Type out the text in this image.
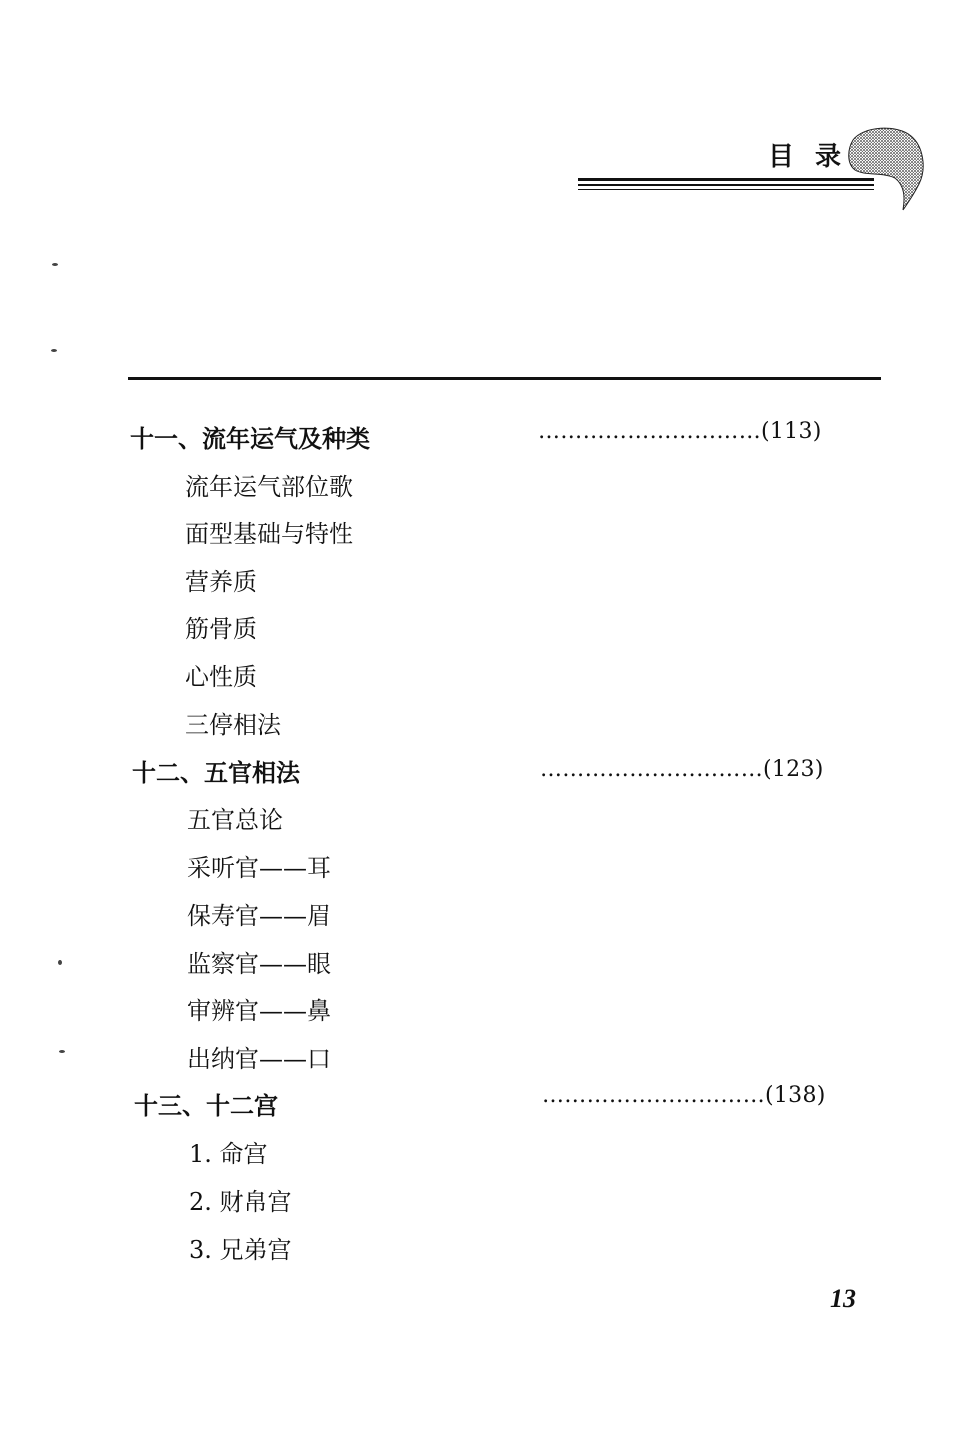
目 录
十一、流年运气及种类	…………………………(113)
流年运气部位歌
面型基础与特性
营养质
筋骨质
心性质
三停相法
十二、五官相法	…………………………(123)
五官总论
采听官——耳
保寿官——眉
监察官——眼
审辨官——鼻
出纳官——口
十三、十二宫	…………………………(138)
1. 命宫
2. 财帛宫
3. 兄弟宫
13
